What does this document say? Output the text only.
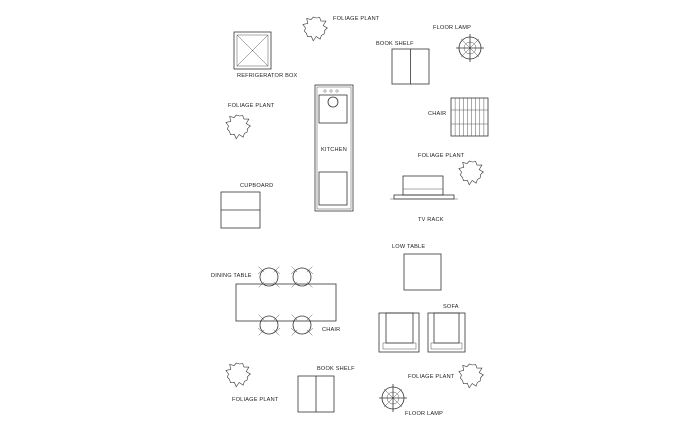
REFRIGERATOR BOX
FOLIAGE PLANT
BOOK SHELF
FLOOR LAMP
KITCHEN
FOLIAGE PLANT
CHAIR
FOLIAGE PLANT
TV RACK
CUPBOARD
LOW TABLE
DINING TABLE
CHAIR
SOFA
BOOK SHELF
FOLIAGE PLANT
FLOOR LAMP
FOLIAGE PLANT
